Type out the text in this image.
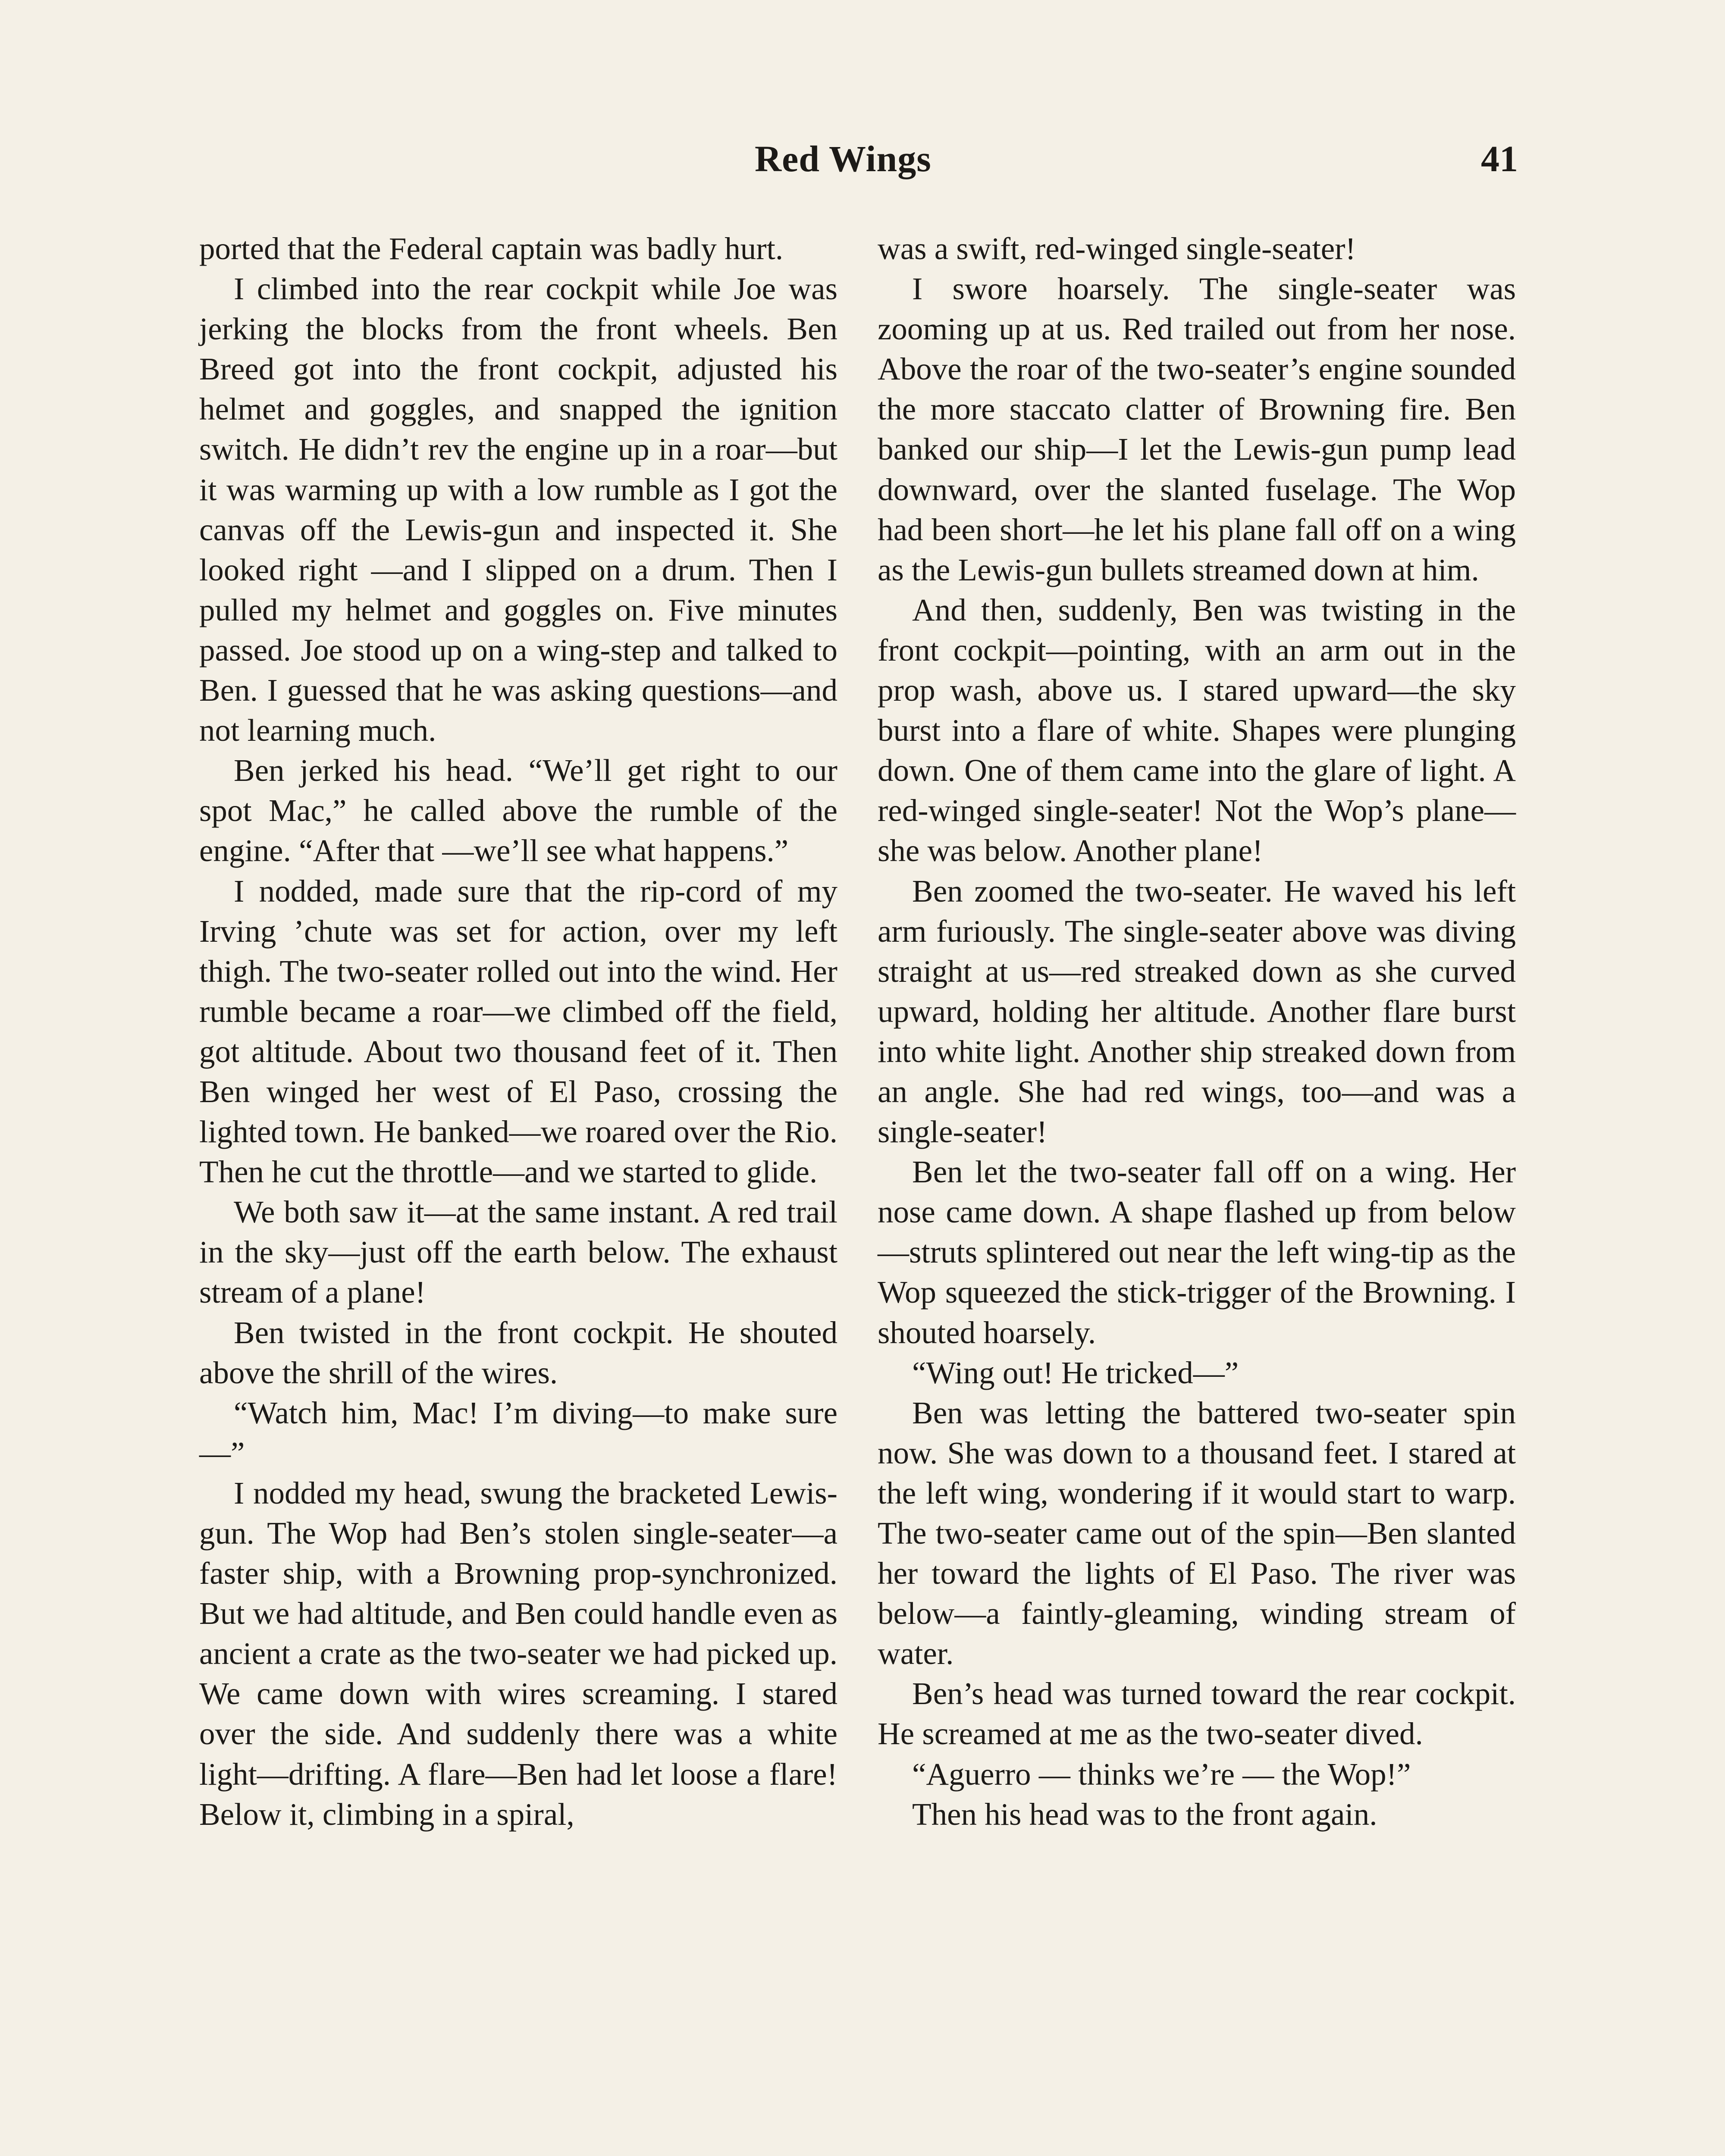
Red Wings	41

ported that the Federal captain was badly hurt.

I climbed into the rear cockpit while Joe was jerking the blocks from the front wheels. Ben Breed got into the front cockpit, adjusted his helmet and goggles, and snapped the ignition switch. He didn’t rev the engine up in a roar—but it was warming up with a low rumble as I got the canvas off the Lewis-gun and inspected it. She looked right —and I slipped on a drum. Then I pulled my helmet and goggles on. Five minutes passed. Joe stood up on a wing-step and talked to Ben. I guessed that he was asking questions—and not learning much.

Ben jerked his head. “We’ll get right to our spot Mac,” he called above the rumble of the engine. “After that —we’ll see what happens.”

I nodded, made sure that the rip-cord of my Irving ’chute was set for action, over my left thigh. The two-seater rolled out into the wind. Her rumble became a roar—we climbed off the field, got altitude. About two thousand feet of it. Then Ben winged her west of El Paso, crossing the lighted town. He banked—we roared over the Rio. Then he cut the throttle—and we started to glide.

We both saw it—at the same instant. A red trail in the sky—just off the earth below. The exhaust stream of a plane!

Ben twisted in the front cockpit. He shouted above the shrill of the wires.

“Watch him, Mac! I’m diving—to make sure—”

I nodded my head, swung the bracketed Lewis-gun. The Wop had Ben’s stolen single-seater—a faster ship, with a Browning prop-synchronized. But we had altitude, and Ben could handle even as ancient a crate as the two-seater we had picked up. We came down with wires screaming. I stared over the side. And suddenly there was a white light—drifting. A flare—Ben had let loose a flare! Below it, climbing in a spiral,

was a swift, red-winged single-seater!

I swore hoarsely. The single-seater was zooming up at us. Red trailed out from her nose. Above the roar of the two-seater’s engine sounded the more staccato clatter of Browning fire. Ben banked our ship—I let the Lewis-gun pump lead downward, over the slanted fuselage. The Wop had been short—he let his plane fall off on a wing as the Lewis-gun bullets streamed down at him.

And then, suddenly, Ben was twisting in the front cockpit—pointing, with an arm out in the prop wash, above us. I stared upward—the sky burst into a flare of white. Shapes were plunging down. One of them came into the glare of light. A red-winged single-seater! Not the Wop’s plane—she was below. Another plane!

Ben zoomed the two-seater. He waved his left arm furiously. The single-seater above was diving straight at us—red streaked down as she curved upward, holding her altitude. Another flare burst into white light. Another ship streaked down from an angle. She had red wings, too—and was a single-seater!

Ben let the two-seater fall off on a wing. Her nose came down. A shape flashed up from below—struts splintered out near the left wing-tip as the Wop squeezed the stick-trigger of the Browning. I shouted hoarsely.

“Wing out! He tricked—”

Ben was letting the battered two-seater spin now. She was down to a thousand feet. I stared at the left wing, wondering if it would start to warp. The two-seater came out of the spin—Ben slanted her toward the lights of El Paso. The river was below—a faintly-gleaming, winding stream of water.

Ben’s head was turned toward the rear cockpit. He screamed at me as the two-seater dived.

“Aguerro — thinks we’re — the Wop!”

Then his head was to the front again.
